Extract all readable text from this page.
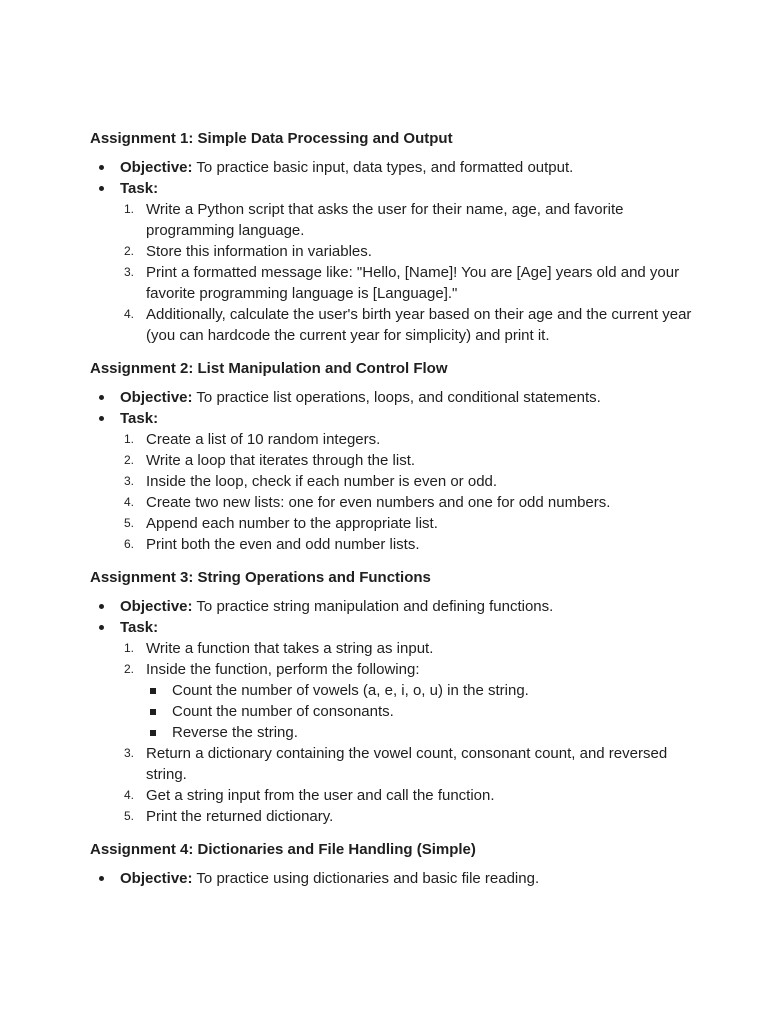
Assignment 1: Simple Data Processing and Output
Objective: To practice basic input, data types, and formatted output.
Task:
1. Write a Python script that asks the user for their name, age, and favorite programming language.
2. Store this information in variables.
3. Print a formatted message like: "Hello, [Name]! You are [Age] years old and your favorite programming language is [Language]."
4. Additionally, calculate the user's birth year based on their age and the current year (you can hardcode the current year for simplicity) and print it.
Assignment 2: List Manipulation and Control Flow
Objective: To practice list operations, loops, and conditional statements.
Task:
1. Create a list of 10 random integers.
2. Write a loop that iterates through the list.
3. Inside the loop, check if each number is even or odd.
4. Create two new lists: one for even numbers and one for odd numbers.
5. Append each number to the appropriate list.
6. Print both the even and odd number lists.
Assignment 3: String Operations and Functions
Objective: To practice string manipulation and defining functions.
Task:
1. Write a function that takes a string as input.
2. Inside the function, perform the following:
Count the number of vowels (a, e, i, o, u) in the string.
Count the number of consonants.
Reverse the string.
3. Return a dictionary containing the vowel count, consonant count, and reversed string.
4. Get a string input from the user and call the function.
5. Print the returned dictionary.
Assignment 4: Dictionaries and File Handling (Simple)
Objective: To practice using dictionaries and basic file reading.
